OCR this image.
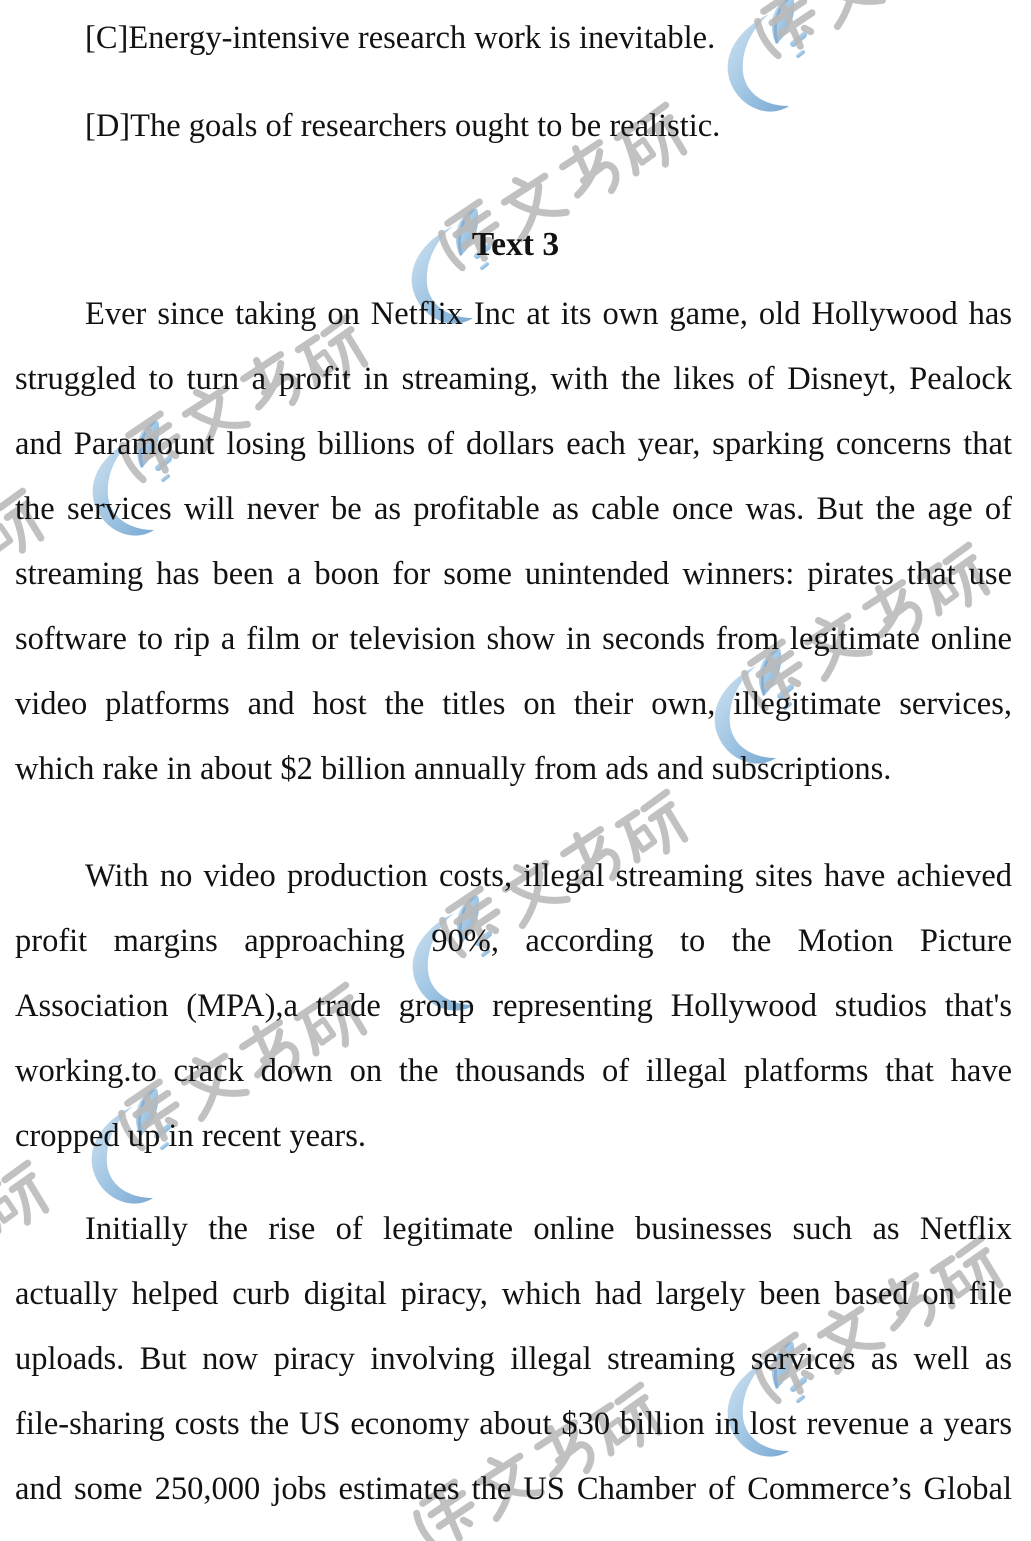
[C]Energy-intensive research work is inevitable.
[D]The goals of researchers ought to be realistic.
Text 3
Ever since taking on Netflix Inc at its own game, old Hollywood has
struggled to turn a profit in streaming, with the likes of Disneyt, Pealock
and Paramount losing billions of dollars each year, sparking concerns that
the services will never be as profitable as cable once was. But the age of
streaming has been a boon for some unintended winners: pirates that use
software to rip a film or television show in seconds from legitimate online
video platforms and host the titles on their own, illegitimate services,
which rake in about $2 billion annually from ads and subscriptions.
With no video production costs, illegal streaming sites have achieved
profit margins approaching 90%, according to the Motion Picture
Association (MPA),a trade group representing Hollywood studios that's
working.to crack down on the thousands of illegal platforms that have
cropped up in recent years.
Initially the rise of legitimate online businesses such as Netflix
actually helped curb digital piracy, which had largely been based on file
uploads. But now piracy involving illegal streaming services as well as
file-sharing costs the US economy about $30 billion in lost revenue a years
and some 250,000 jobs estimates the US Chamber of Commerce’s Global
